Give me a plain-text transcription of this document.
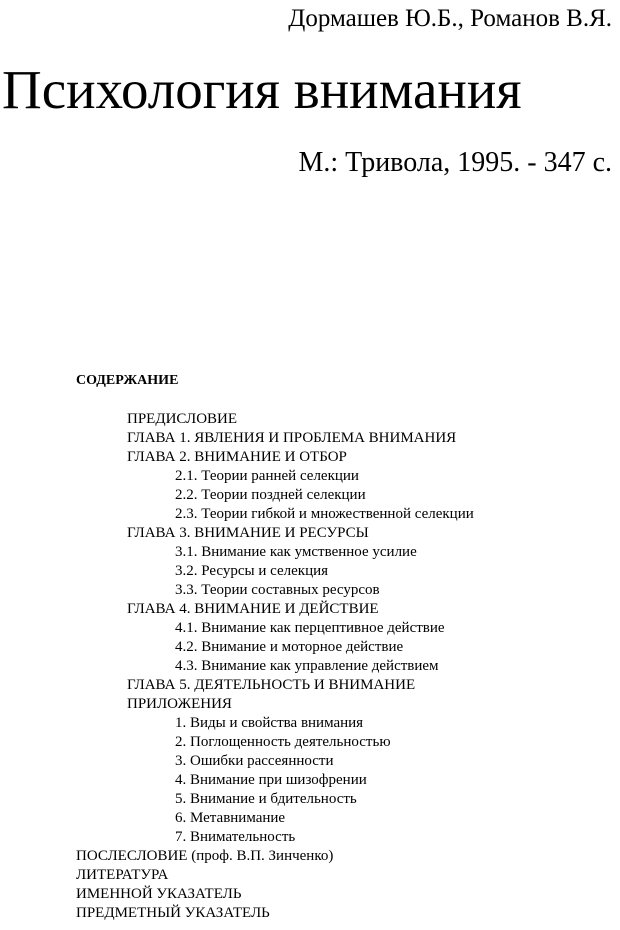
Дормашев Ю.Б., Романов В.Я.
Психология внимания
М.: Тривола, 1995. - 347 с.
СОДЕРЖАНИЕ
ПРЕДИСЛОВИЕ
ГЛАВА 1. ЯВЛЕНИЯ И ПРОБЛЕМА ВНИМАНИЯ
ГЛАВА 2. ВНИМАНИЕ И ОТБОР
2.1. Теории ранней селекции
2.2. Теории поздней селекции
2.3. Теории гибкой и множественной селекции
ГЛАВА 3. ВНИМАНИЕ И РЕСУРСЫ
3.1. Внимание как умственное усилие
3.2. Ресурсы и селекция
3.3. Теории составных ресурсов
ГЛАВА 4. ВНИМАНИЕ И ДЕЙСТВИЕ
4.1. Внимание как перцептивное действие
4.2. Внимание и моторное действие
4.3. Внимание как управление действием
ГЛАВА 5. ДЕЯТЕЛЬНОСТЬ И ВНИМАНИЕ
ПРИЛОЖЕНИЯ
1. Виды и свойства внимания
2. Поглощенность деятельностью
3. Ошибки рассеянности
4. Внимание при шизофрении
5. Внимание и бдительность
6. Метавнимание
7. Внимательность
ПОСЛЕСЛОВИЕ (проф. В.П. Зинченко)
ЛИТЕРАТУРА
ИМЕННОЙ УКАЗАТЕЛЬ
ПРЕДМЕТНЫЙ УКАЗАТЕЛЬ
